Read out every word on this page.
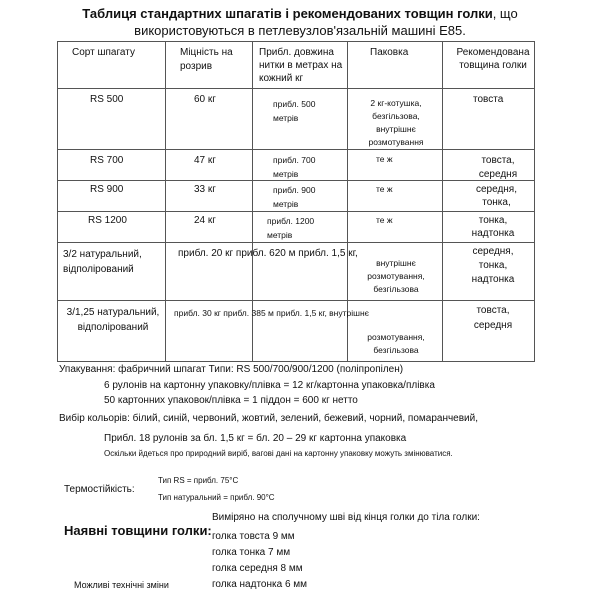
Таблиця стандартних шпагатів і рекомендованих товщин голки, що
використовуються в петлевузлов'язальній машині E85.
Сорт шпагату	Міцність на розрив	Прибл. довжина нитки в метрах на кожний кг	Паковка	Рекомендована товщина голки

RS 500	60 кг	прибл. 500 метрів	2 кг-котушка, безгільзова, внутрішнє розмотування	товста

RS 700	47 кг	прибл. 700 метрів	те ж	товста, середня

RS 900	33 кг	прибл. 900 метрів	те ж	середня, тонка,

RS 1200	24 кг	прибл. 1200 метрів	те ж	тонка, надтонка

3/2 натуральний, відполірований	прибл. 20 кг прибл. 620 м прибл. 1,5 кг,		внутрішнє розмотування, безгільзова	середня, тонка, надтонка

3/1,25 натуральний, відполірований	прибл. 30 кг прибл. 385 м прибл. 1,5 кг, внутрішнє		розмотування, безгільзова	товста, середня
Упакування: фабричний шпагат Типи: RS 500/700/900/1200 (поліпропілен)
6 рулонів на картонну упаковку/плівка = 12 кг/картонна упаковка/плівка
50 картонних упаковок/плівка = 1 піддон = 600 кг нетто
Вибір кольорів: білий, синій, червоний, жовтий, зелений, бежевий, чорний, помаранчевий,
Прибл. 18 рулонів за бл. 1,5 кг = бл. 20 – 29 кг картонна упаковка
Оскільки йдеться про природний виріб, вагові дані на картонну упаковку можуть змінюватися.
Термостійкість:
Тип RS = прибл. 75°C
Тип натуральний = прибл. 90°C
Наявні товщини голки:
Виміряно на сполучному шві від кінця голки до тіла голки:
голка товста 9 мм
голка тонка 7 мм
голка середня 8 мм
голка надтонка 6 мм
Можливі технічні зміни
